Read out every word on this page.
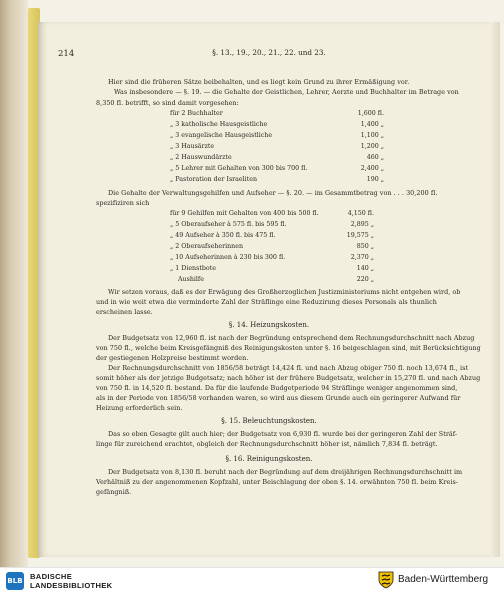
214	§. 13., 19., 20., 21., 22. und 23.
Hier sind die früheren Sätze beibehalten, und es liegt kein Grund zu ihrer Ermäßigung vor.
Was insbesondere — §. 19. — die Gehalte der Geistlichen, Lehrer, Aerzte und Buchhalter im Betrage von
8,350 fl. betrifft, so sind damit vorgesehen:
für 2 Buchhalter	1,600 fl.
„ 3 katholische Hausgeistliche	1,400 „
„ 3 evangelische Hausgeistliche	1,100 „
„ 3 Hausärzte	1,200 „
„ 2 Hauswundärzte	460 „
„ 5 Lehrer mit Gehalten von 300 bis 700 fl.	2,400 „
„ Pastoration der Israeliten	190 „
Die Gehalte der Verwaltungsgehilfen und Aufseher — §. 20. — im Gesammtbetrag von . . . 30,200 fl.
spezifiziren sich
für 9 Gehilfen mit Gehalten von 400 bis 500 fl.	4,150 fl.
„ 5 Oberaufseher à 575 fl. bis 595 fl.	2,895 „
„ 49 Aufseher à 350 fl. bis 475 fl.	19,575 „
„ 2 Oberaufseherinnen	850 „
„ 10 Aufseherinnen à 230 bis 300 fl.	2,370 „
„ 1 Dienstbote	140 „
Aushilfe	220 „
Wir setzen voraus, daß es der Erwägung des Großherzoglichen Justizministeriums nicht entgehen wird, ob
und in wie weit etwa die verminderte Zahl der Sträflinge eine Reduzirung dieses Personals als thunlich
erscheinen lasse.
§. 14. Heizungskosten.
Der Budgetsatz von 12,960 fl. ist nach der Begründung entsprechend dem Rechnungsdurchschnitt nach Abzug
von 750 fl., welche beim Kreisgefängniß des Reinigungskosten unter §. 16 beigeschlagen sind, mit Berücksichtigung
der gestiegenen Holzpreise bestimmt worden.
Der Rechnungsdurchschnitt von 1856/58 beträgt 14,424 fl. und nach Abzug obiger 750 fl. noch 13,674 fl., ist
somit höher als der jetzige Budgetsatz; nach höher ist der frühere Budgetsatz, welcher in 15,270 fl. und nach Abzug
von 750 fl. in 14,520 fl. bestand. Da für die laufende Budgetperiode 94 Sträflinge weniger angenommen sind,
als in der Periode von 1856/58 vorhanden waren, so wird aus diesem Grunde auch ein geringerer Aufwand für
Heizung erforderlich sein.
§. 15. Beleuchtungskosten.
Das so eben Gesagte gilt auch hier; der Budgetsatz von 6,930 fl. wurde bei der geringeren Zahl der Sträf-
linge für zureichend erachtet, obgleich der Rechnungsdurchschnitt höher ist, nämlich 7,834 fl. beträgt.
§. 16. Reinigungskosten.
Der Budgetsatz von 8,130 fl. beruht nach der Begründung auf dem dreijährigen Rechnungsdurchschnitt im
Verhältniß zu der angenommenen Kopfzahl, unter Beischlagung der oben §. 14. erwähnten 750 fl. beim Kreis-
gefängniß.
BLB BADISCHE
LANDESBIBLIOTHEK
Baden-Württemberg
